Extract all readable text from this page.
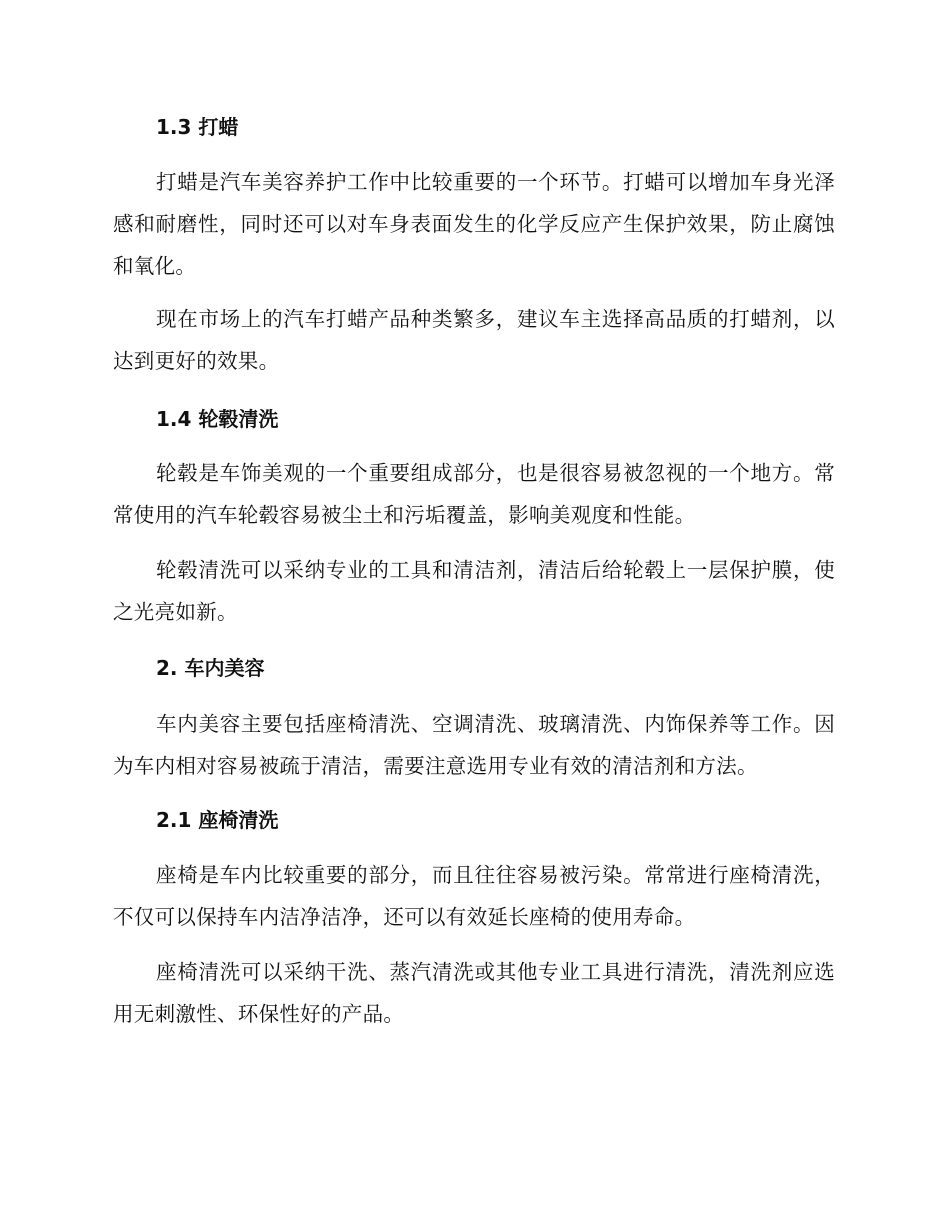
1.3 打蜡

打蜡是汽车美容养护工作中比较重要的一个环节。打蜡可以增加车身光泽感和耐磨性，同时还可以对车身表面发生的化学反应产生保护效果，防止腐蚀和氧化。

现在市场上的汽车打蜡产品种类繁多，建议车主选择高品质的打蜡剂，以达到更好的效果。

1.4 轮毂清洗

轮毂是车饰美观的一个重要组成部分，也是很容易被忽视的一个地方。常常使用的汽车轮毂容易被尘土和污垢覆盖，影响美观度和性能。

轮毂清洗可以采纳专业的工具和清洁剂，清洁后给轮毂上一层保护膜，使之光亮如新。

2. 车内美容

车内美容主要包括座椅清洗、空调清洗、玻璃清洗、内饰保养等工作。因为车内相对容易被疏于清洁，需要注意选用专业有效的清洁剂和方法。

2.1 座椅清洗

座椅是车内比较重要的部分，而且往往容易被污染。常常进行座椅清洗，不仅可以保持车内洁净洁净，还可以有效延长座椅的使用寿命。

座椅清洗可以采纳干洗、蒸汽清洗或其他专业工具进行清洗，清洗剂应选用无刺激性、环保性好的产品。
